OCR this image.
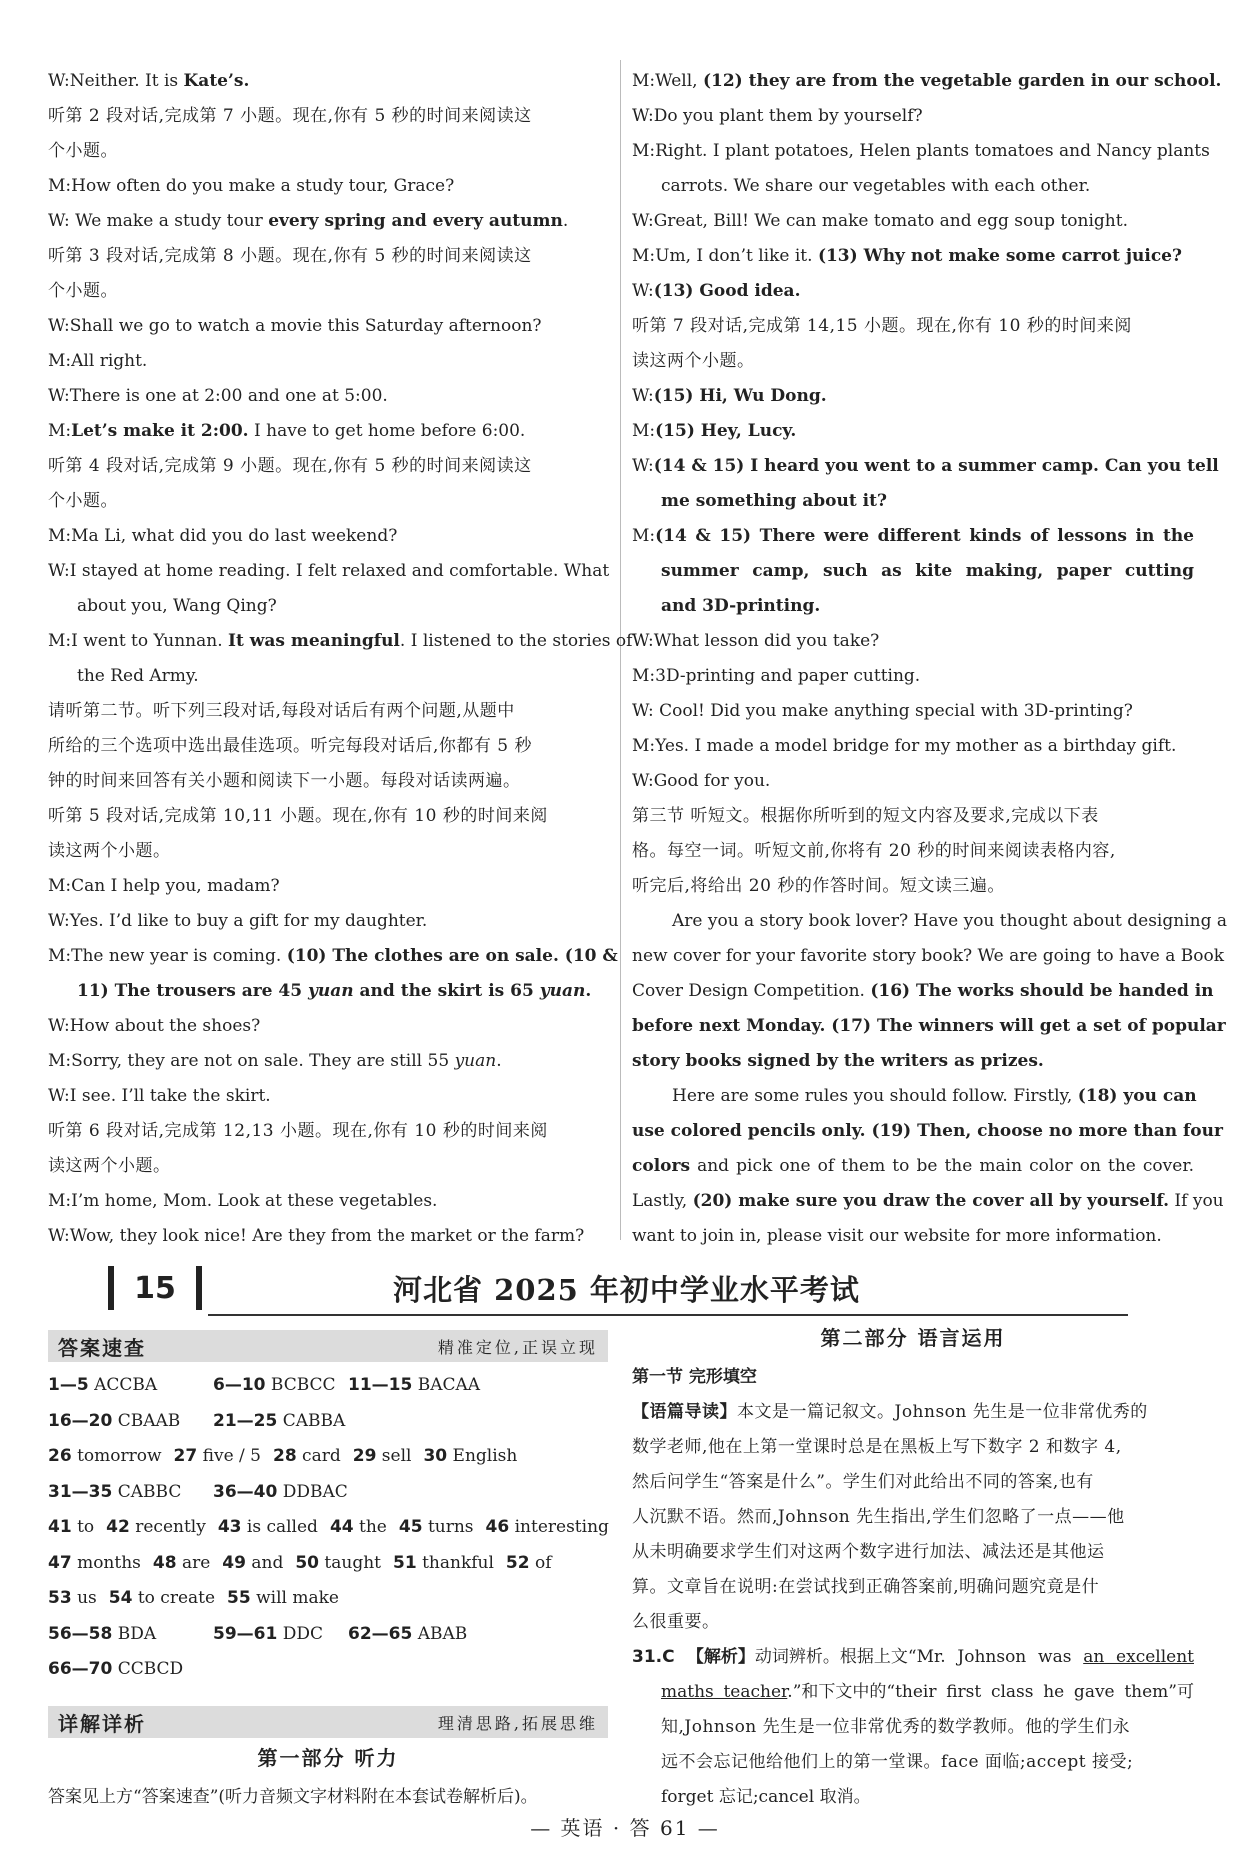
W:Neither. It is Kate’s.
听第 2 段对话,完成第 7 小题。现在,你有 5 秒的时间来阅读这
个小题。
M:How often do you make a study tour, Grace?
W: We make a study tour every spring and every autumn.
听第 3 段对话,完成第 8 小题。现在,你有 5 秒的时间来阅读这
个小题。
W:Shall we go to watch a movie this Saturday afternoon?
M:All right.
W:There is one at 2:00 and one at 5:00.
M:Let’s make it 2:00. I have to get home before 6:00.
听第 4 段对话,完成第 9 小题。现在,你有 5 秒的时间来阅读这
个小题。
M:Ma Li, what did you do last weekend?
W:I stayed at home reading. I felt relaxed and comfortable. What
about you, Wang Qing?
M:I went to Yunnan. It was meaningful. I listened to the stories of
the Red Army.
请听第二节。听下列三段对话,每段对话后有两个问题,从题中
所给的三个选项中选出最佳选项。听完每段对话后,你都有 5 秒
钟的时间来回答有关小题和阅读下一小题。每段对话读两遍。
听第 5 段对话,完成第 10,11 小题。现在,你有 10 秒的时间来阅
读这两个小题。
M:Can I help you, madam?
W:Yes. I’d like to buy a gift for my daughter.
M:The new year is coming. (10) The clothes are on sale. (10 &
11) The trousers are 45 yuan and the skirt is 65 yuan.
W:How about the shoes?
M:Sorry, they are not on sale. They are still 55 yuan.
W:I see. I’ll take the skirt.
听第 6 段对话,完成第 12,13 小题。现在,你有 10 秒的时间来阅
读这两个小题。
M:I’m home, Mom. Look at these vegetables.
W:Wow, they look nice! Are they from the market or the farm?
M:Well, (12) they are from the vegetable garden in our school.
W:Do you plant them by yourself?
M:Right. I plant potatoes, Helen plants tomatoes and Nancy plants
carrots. We share our vegetables with each other.
W:Great, Bill! We can make tomato and egg soup tonight.
M:Um, I don’t like it. (13) Why not make some carrot juice?
W:(13) Good idea.
听第 7 段对话,完成第 14,15 小题。现在,你有 10 秒的时间来阅
读这两个小题。
W:(15) Hi, Wu Dong.
M:(15) Hey, Lucy.
W:(14 & 15) I heard you went to a summer camp. Can you tell
me something about it?
M:(14 & 15) There were different kinds of lessons in the
summer camp, such as kite making, paper cutting
and 3D-printing.
W:What lesson did you take?
M:3D-printing and paper cutting.
W: Cool! Did you make anything special with 3D-printing?
M:Yes. I made a model bridge for my mother as a birthday gift.
W:Good for you.
第三节 听短文。根据你所听到的短文内容及要求,完成以下表
格。每空一词。听短文前,你将有 20 秒的时间来阅读表格内容,
听完后,将给出 20 秒的作答时间。短文读三遍。
Are you a story book lover? Have you thought about designing a
new cover for your favorite story book? We are going to have a Book
Cover Design Competition. (16) The works should be handed in
before next Monday. (17) The winners will get a set of popular
story books signed by the writers as prizes.
Here are some rules you should follow. Firstly, (18) you can
use colored pencils only. (19) Then, choose no more than four
colors and pick one of them to be the main color on the cover.
Lastly, (20) make sure you draw the cover all by yourself. If you
want to join in, please visit our website for more information.
15	河北省 2025 年初中学业水平考试
答案速查	精准定位,正误立现
1—5 ACCBA	6—10 BCBCC 11—15 BACAA
16—20 CBAAB 21—25 CABBA
26 tomorrow 27 five / 5 28 card 29 sell 30 English
31—35 CABBC 36—40 DDBAC
41 to 42 recently 43 is called 44 the 45 turns 46 interesting
47 months 48 are 49 and 50 taught 51 thankful 52 of
53 us 54 to create 55 will make
56—58 BDA	59—61 DDC 62—65 ABAB
66—70 CCBCD
详解详析	理清思路,拓展思维
第一部分 听力
答案见上方“答案速查”(听力音频文字材料附在本套试卷解析后)。
第二部分 语言运用
第一节 完形填空
【语篇导读】本文是一篇记叙文。Johnson 先生是一位非常优秀的
数学老师,他在上第一堂课时总是在黑板上写下数字 2 和数字 4,
然后问学生“答案是什么”。学生们对此给出不同的答案,也有
人沉默不语。然而,Johnson 先生指出,学生们忽略了一点——他
从未明确要求学生们对这两个数字进行加法、减法还是其他运
算。文章旨在说明:在尝试找到正确答案前,明确问题究竟是什
么很重要。
31.C 【解析】动词辨析。根据上文“Mr. Johnson was an excellent
maths teacher.”和下文中的“their first class he gave them”可
知,Johnson 先生是一位非常优秀的数学教师。他的学生们永
远不会忘记他给他们上的第一堂课。face 面临;accept 接受;
forget 忘记;cancel 取消。
— 英语 · 答 61 —
